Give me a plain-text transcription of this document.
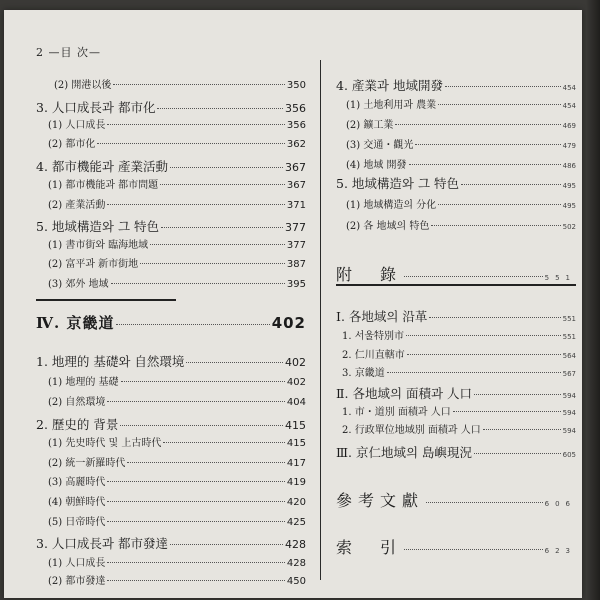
2 —目 次—
(2) 開港以後	350
3. 人口成長과 都市化	356
(1) 人口成長	356
(2) 都市化	362
4. 都市機能과 產業活動	367
(1) 都市機能과 都市問題	367
(2) 產業活動	371
5. 地域構造와 그 特色	377
(1) 書市街와 臨海地域	377
(2) 富平과 新市街地	387
(3) 郊外 地域	395
Ⅳ. 京畿道	402
1. 地理的 基礎와 自然環境	402
(1) 地理的 基礎	402
(2) 自然環境	404
2. 歷史的 背景	415
(1) 先史時代 및 上古時代	415
(2) 統一新羅時代	417
(3) 高麗時代	419
(4) 朝鮮時代	420
(5) 日帝時代	425
3. 人口成長과 都市發達	428
(1) 人口成長	428
(2) 都市發達	450
4. 產業과 地域開發	454
(1) 土地利用과 農業	454
(2) 鑛工業	469
(3) 交通・觀光	479
(4) 地域 開發	486
5. 地域構造와 그 特色	495
(1) 地域構造의 分化	495
(2) 各 地域의 特色	502
附　錄	551
Ⅰ. 各地域의 沿革	551
1. 서울特別市	551
2. 仁川直轄市	564
3. 京畿道	567
Ⅱ. 各地域의 面積과 人口	594
1. 市・道別 面積과 人口	594
2. 行政單位地域別 面積과 人口	594
Ⅲ. 京仁地域의 島嶼現況	605
參考文獻	606
索　引	623
